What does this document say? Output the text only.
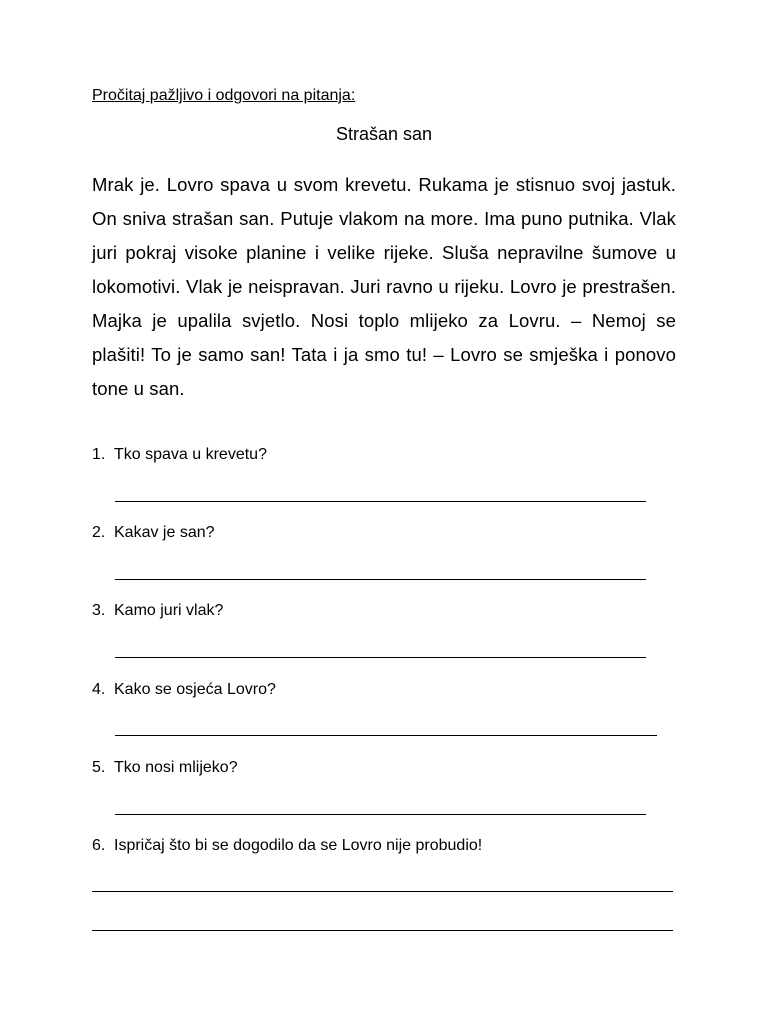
Pročitaj pažljivo i odgovori na pitanja:
Strašan san

Mrak je. Lovro spava u svom krevetu. Rukama je stisnuo svoj jastuk. On sniva strašan san. Putuje vlakom na more. Ima puno putnika. Vlak juri pokraj visoke planine i velike rijeke. Sluša nepravilne šumove u lokomotivi. Vlak je neispravan. Juri ravno u rijeku. Lovro je prestrašen. Majka je upalila svjetlo. Nosi toplo mlijeko za Lovru. – Nemoj se plašiti! To je samo san! Tata i ja smo tu! – Lovro se smješka i ponovo tone u san.

1. Tko spava u krevetu?
2. Kakav je san?
3. Kamo juri vlak?
4. Kako se osjeća Lovro?
5. Tko nosi mlijeko?
6. Ispričaj što bi se dogodilo da se Lovro nije probudio!
